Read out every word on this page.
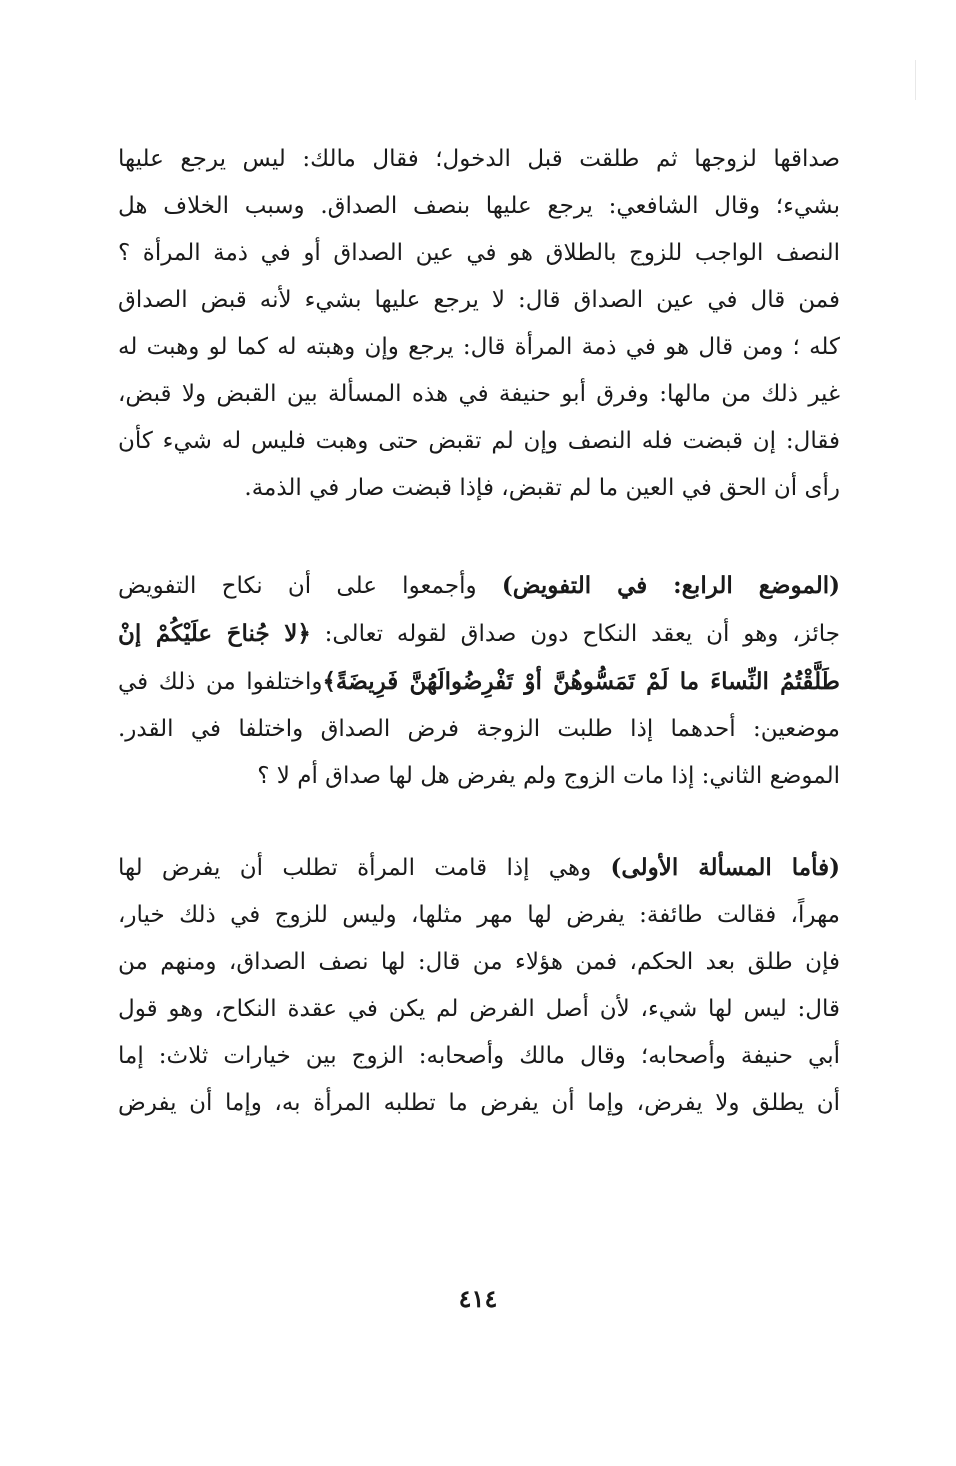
صداقها لزوجها ثم طلقت قبل الدخول؛ فقال مالك: ليس يرجع عليها
بشيء؛ وقال الشافعي: يرجع عليها بنصف الصداق. وسبب الخلاف هل
النصف الواجب للزوج بالطلاق هو في عين الصداق أو في ذمة المرأة ؟
فمن قال في عين الصداق قال: لا يرجع عليها بشيء لأنه قبض الصداق
كله ؛ ومن قال هو في ذمة المرأة قال: يرجع وإن وهبته له كما لو وهبت له
غير ذلك من مالها: وفرق أبو حنيفة في هذه المسألة بين القبض ولا قبض،
فقال: إن قبضت فله النصف وإن لم تقبض حتى وهبت فليس له شيء كأن
رأى أن الحق في العين ما لم تقبض، فإذا قبضت صار في الذمة.

(الموضع الرابع: في التفويض) وأجمعوا على أن نكاح التفويض
جائز، وهو أن يعقد النكاح دون صداق لقوله تعالى: ﴿لا جُناحَ علَيْكُمْ إنْ
طَلَّقْتُمُ النِّساءَ ما لَمْ تَمَسُّوهُنَّ أوْ تَفْرِضُوالَهُنَّ فَرِيضَةً﴾واختلفوا من ذلك في
موضعين: أحدهما إذا طلبت الزوجة فرض الصداق واختلفا في القدر.
الموضع الثاني: إذا مات الزوج ولم يفرض هل لها صداق أم لا ؟

(فأما المسألة الأولى) وهي إذا قامت المرأة تطلب أن يفرض لها
مهراً، فقالت طائفة: يفرض لها مهر مثلها، وليس للزوج في ذلك خيار،
فإن طلق بعد الحكم، فمن هؤلاء من قال: لها نصف الصداق، ومنهم من
قال: ليس لها شيء، لأن أصل الفرض لم يكن في عقدة النكاح، وهو قول
أبي حنيفة وأصحابه؛ وقال مالك وأصحابه: الزوج بين خيارات ثلاث: إما
أن يطلق ولا يفرض، وإما أن يفرض ما تطلبه المرأة به، وإما أن يفرض

٤١٤
